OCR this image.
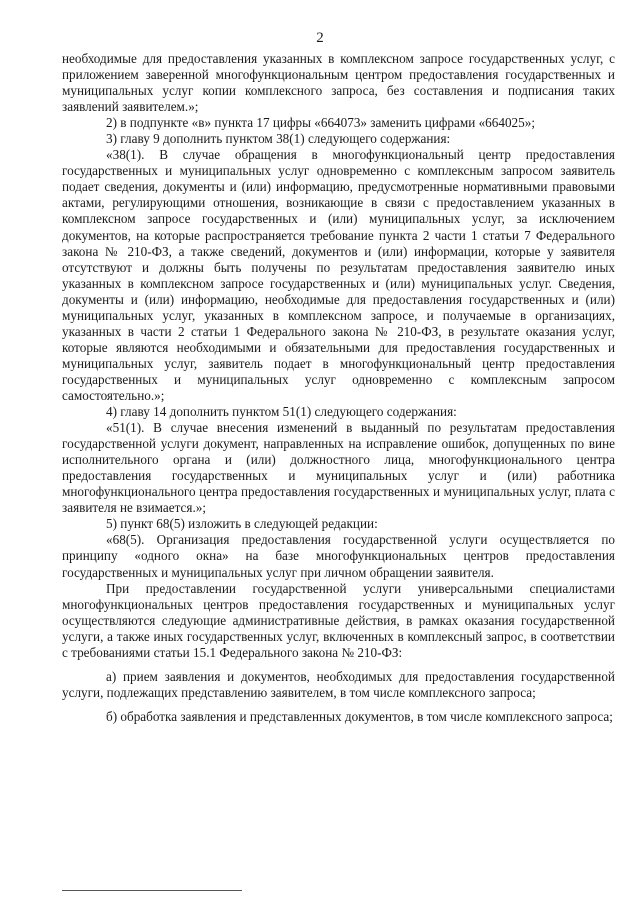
2

необходимые для предоставления указанных в комплексном запросе государственных услуг, с приложением заверенной многофункциональным центром предоставления государственных и муниципальных услуг копии комплексного запроса, без составления и подписания таких заявлений заявителем.»;

2) в подпункте «в» пункта 17 цифры «664073» заменить цифрами «664025»;

3) главу 9 дополнить пунктом 38(1) следующего содержания:

«38(1). В случае обращения в многофункциональный центр предоставления государственных и муниципальных услуг одновременно с комплексным запросом заявитель подает сведения, документы и (или) информацию, предусмотренные нормативными правовыми актами, регулирующими отношения, возникающие в связи с предоставлением указанных в комплексном запросе государственных и (или) муниципальных услуг, за исключением документов, на которые распространяется требование пункта 2 части 1 статьи 7 Федерального закона № 210-ФЗ, а также сведений, документов и (или) информации, которые у заявителя отсутствуют и должны быть получены по результатам предоставления заявителю иных указанных в комплексном запросе государственных и (или) муниципальных услуг. Сведения, документы и (или) информацию, необходимые для предоставления государственных и (или) муниципальных услуг, указанных в комплексном запросе, и получаемые в организациях, указанных в части 2 статьи 1 Федерального закона № 210-ФЗ, в результате оказания услуг, которые являются необходимыми и обязательными для предоставления государственных и муниципальных услуг, заявитель подает в многофункциональный центр предоставления государственных и муниципальных услуг одновременно с комплексным запросом самостоятельно.»;

4) главу 14 дополнить пунктом 51(1) следующего содержания:

«51(1). В случае внесения изменений в выданный по результатам предоставления государственной услуги документ, направленных на исправление ошибок, допущенных по вине исполнительного органа и (или) должностного лица, многофункционального центра предоставления государственных и муниципальных услуг и (или) работника многофункционального центра предоставления государственных и муниципальных услуг, плата с заявителя не взимается.»;

5) пункт 68(5) изложить в следующей редакции:

«68(5). Организация предоставления государственной услуги осуществляется по принципу «одного окна» на базе многофункциональных центров предоставления государственных и муниципальных услуг при личном обращении заявителя.

При предоставлении государственной услуги универсальными специалистами многофункциональных центров предоставления государственных и муниципальных услуг осуществляются следующие административные действия, в рамках оказания государственной услуги, а также иных государственных услуг, включенных в комплексный запрос, в соответствии с требованиями статьи 15.1 Федерального закона № 210-ФЗ:

а) прием заявления и документов, необходимых для предоставления государственной услуги, подлежащих представлению заявителем, в том числе комплексного запроса;

б) обработка заявления и представленных документов, в том числе комплексного запроса;
